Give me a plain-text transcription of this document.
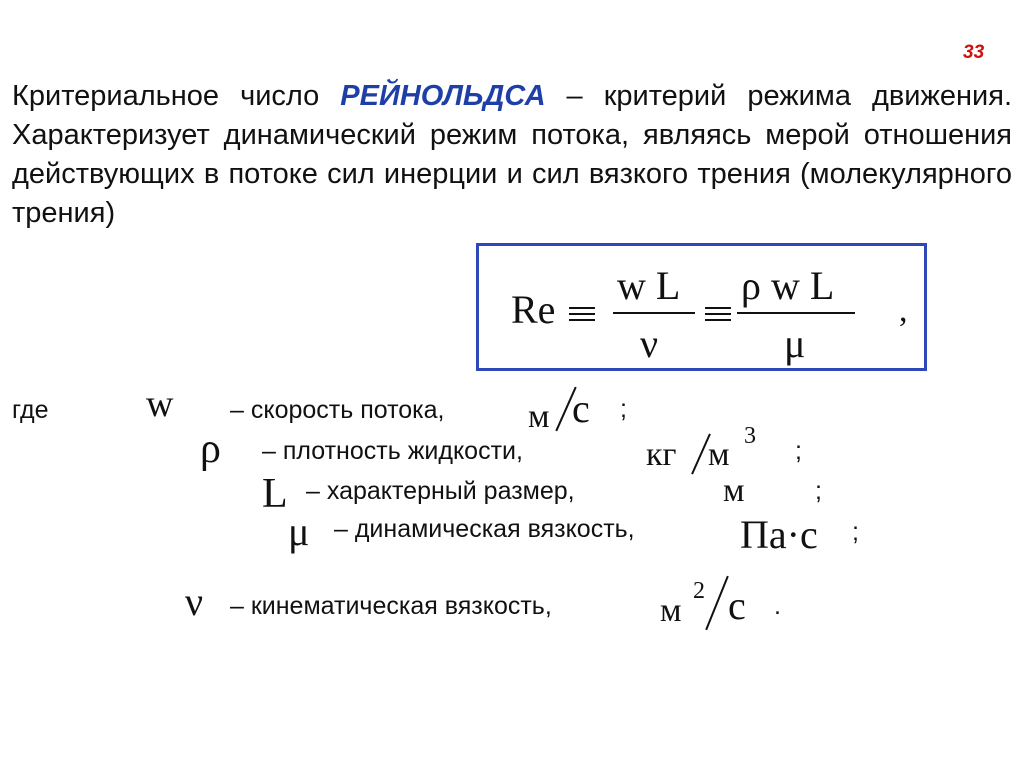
33

Критериальное число РЕЙНОЛЬДСА – критерий режима движения. Характеризует динамический режим потока, являясь мерой отношения действующих в потоке сил инерции и сил вязкого трения (молекулярного трения)

Re
w L
ν
ρ w L
μ
,
где	w – скорость потока, м с ;
ρ – плотность жидкости,	кг м 3
;
L – характерный размер,	м	;
μ – динамическая вязкость,	Па·с ;
ν – кинематическая вязкость,	м
2 с .
